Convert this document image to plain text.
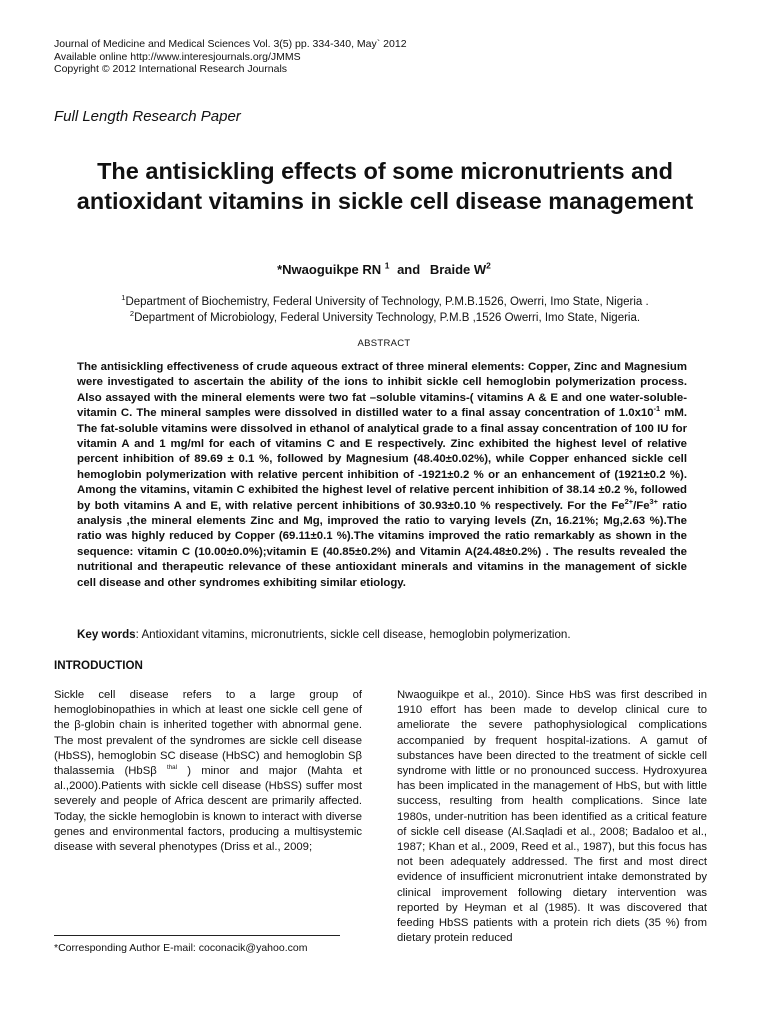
Journal of Medicine and Medical Sciences Vol. 3(5) pp. 334-340, May` 2012
Available online http://www.interesjournals.org/JMMS
Copyright © 2012 International Research Journals
Full Length Research Paper
The antisickling effects of some micronutrients and antioxidant vitamins in sickle cell disease management
*Nwaoguikpe RN $^1$ and Braide $W^2$
$^1$Department of Biochemistry, Federal University of Technology, P.M.B.1526, Owerri, Imo State, Nigeria .
$^2$Department of Microbiology, Federal University Technology, P.M.B ,1526 Owerri, Imo State, Nigeria.
ABSTRACT
The antisickling effectiveness of crude aqueous extract of three mineral elements: Copper, Zinc and Magnesium were investigated to ascertain the ability of the ions to inhibit sickle cell hemoglobin polymerization process. Also assayed with the mineral elements were two fat –soluble vitamins-( vitamins A & E and one water-soluble-vitamin C. The mineral samples were dissolved in distilled water to a final assay concentration of $1.0x10^{-1}$ mM. The fat-soluble vitamins were dissolved in ethanol of analytical grade to a final assay concentration of 100 IU for vitamin A and 1 mg/ml for each of vitamins C and E respectively. Zinc exhibited the highest level of relative percent inhibition of 89.69 ± 0.1 %, followed by Magnesium (48.40±0.02%), while Copper enhanced sickle cell hemoglobin polymerization with relative percent inhibition of -1921±0.2 % or an enhancement of (1921±0.2 %). Among the vitamins, vitamin C exhibited the highest level of relative percent inhibition of 38.14 ±0.2 %, followed by both vitamins A and E, with relative percent inhibitions of 30.93±0.10 % respectively. For the $Fe^{2+}/Fe^{3+}$ ratio analysis ,the mineral elements Zinc and Mg, improved the ratio to varying levels (Zn, 16.21%; Mg,2.63 %).The ratio was highly reduced by Copper (69.11±0.1 %).The vitamins improved the ratio remarkably as shown in the sequence: vitamin C (10.00±0.0%);vitamin E (40.85±0.2%) and Vitamin A(24.48±0.2%) . The results revealed the nutritional and therapeutic relevance of these antioxidant minerals and vitamins in the management of sickle cell disease and other syndromes exhibiting similar etiology.
Key words: Antioxidant vitamins, micronutrients, sickle cell disease, hemoglobin polymerization.
INTRODUCTION
Sickle cell disease refers to a large group of hemoglobinopathies in which at least one sickle cell gene of the β-globin chain is inherited together with abnormal gene. The most prevalent of the syndromes are sickle cell disease (HbSS), hemoglobin SC disease (HbSC) and hemoglobin Sβ thalassemia (HbSβ $^{thal}$ ) minor and major (Mahta et al.,2000).Patients with sickle cell disease (HbSS) suffer most severely and people of Africa descent are primarily affected. Today, the sickle hemoglobin is known to interact with diverse genes and environmental factors, producing a multisystemic disease with several phenotypes (Driss et al., 2009;
Nwaoguikpe et al., 2010). Since HbS was first described in 1910 effort has been made to develop clinical cure to ameliorate the severe pathophysiological complications accompanied by frequent hospital-izations. A gamut of substances have been directed to the treatment of sickle cell syndrome with little or no pronounced success. Hydroxyurea has been implicated in the management of HbS, but with little success, resulting from health complications. Since late 1980s, under-nutrition has been identified as a critical feature of sickle cell disease (Al.Saqladi et al., 2008; Badaloo et al., 1987; Khan et al., 2009, Reed et al., 1987), but this focus has not been adequately addressed. The first and most direct evidence of insufficient micronutrient intake demonstrated by clinical improvement following dietary intervention was reported by Heyman et al (1985). It was discovered that feeding HbSS patients with a protein rich diets (35 %) from dietary protein reduced
*Corresponding Author E-mail: coconacik@yahoo.com
